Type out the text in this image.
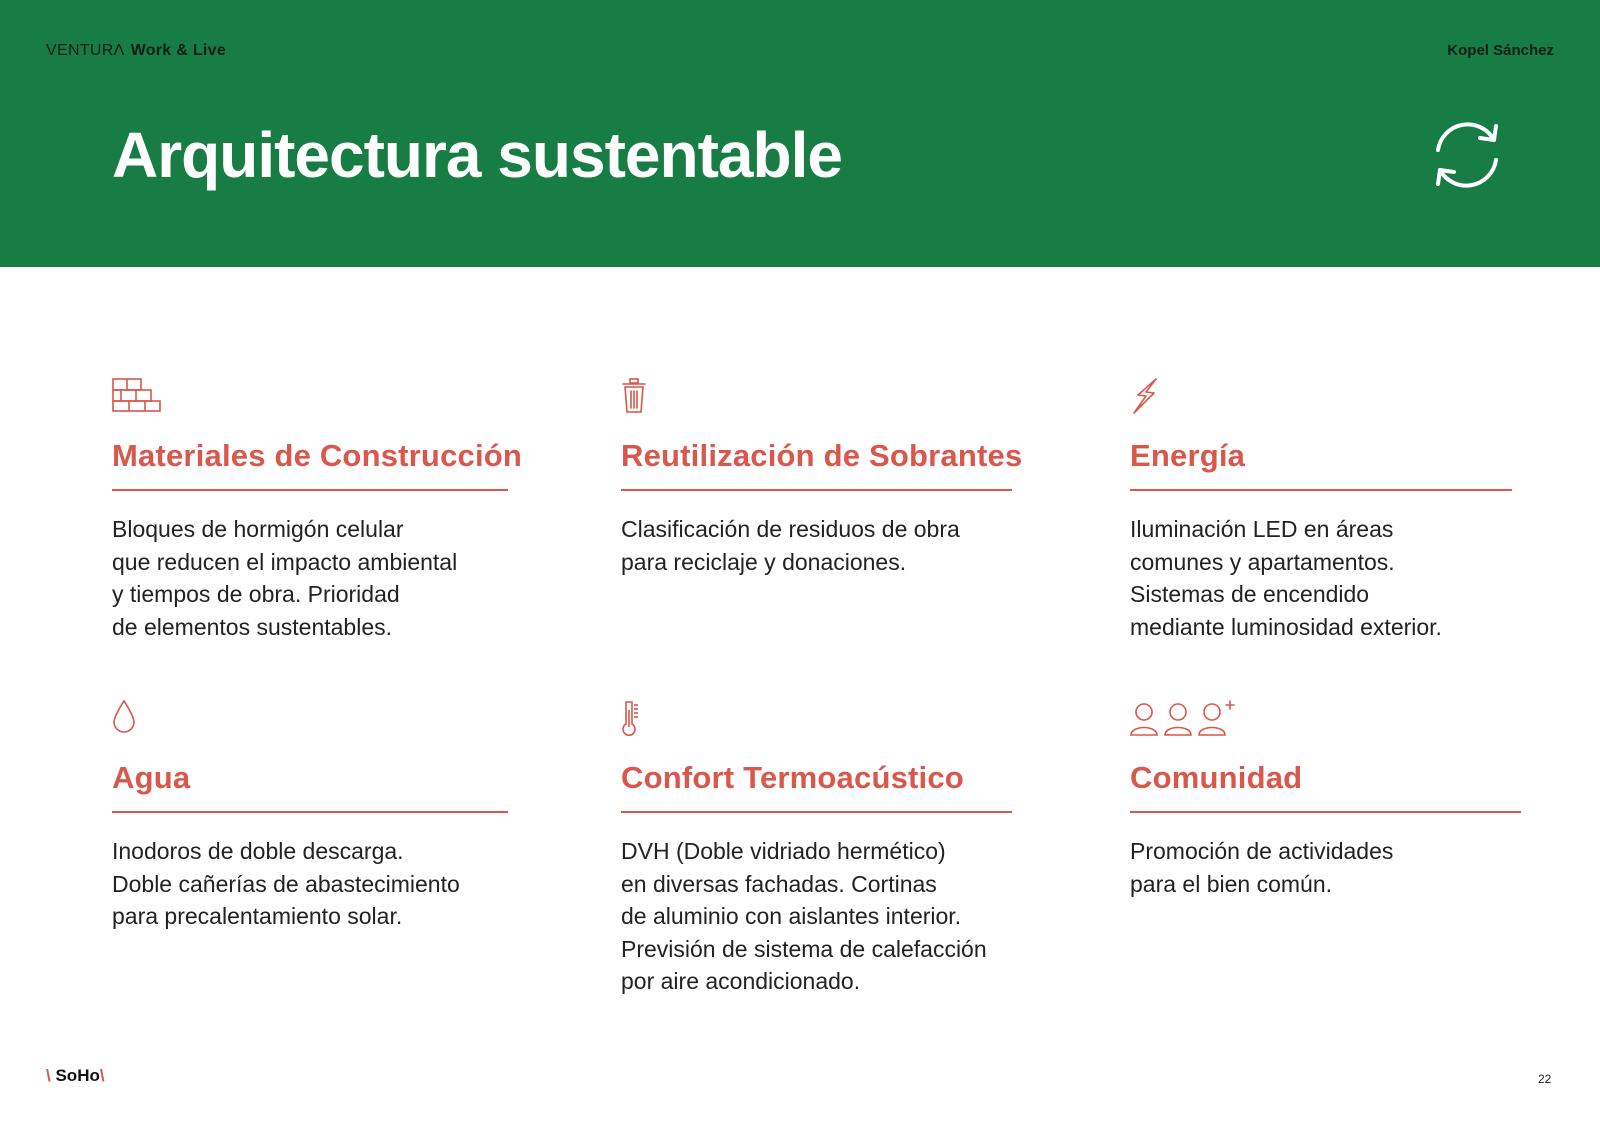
VENTURΛ Work & Live	Kopel Sánchez
Arquitectura sustentable
Materiales de Construcción
Bloques de hormigón celular
que reducen el impacto ambiental
y tiempos de obra. Prioridad
de elementos sustentables.
Reutilización de Sobrantes
Clasificación de residuos de obra
para reciclaje y donaciones.
Energía
Iluminación LED en áreas
comunes y apartamentos.
Sistemas de encendido
mediante luminosidad exterior.
Agua
Inodoros de doble descarga.
Doble cañerías de abastecimiento
para precalentamiento solar.
Confort Termoacústico
DVH (Doble vidriado hermético)
en diversas fachadas. Cortinas
de aluminio con aislantes interior.
Previsión de sistema de calefacción
por aire acondicionado.
Comunidad
Promoción de actividades
para el bien común.
\ SoHo\	22
